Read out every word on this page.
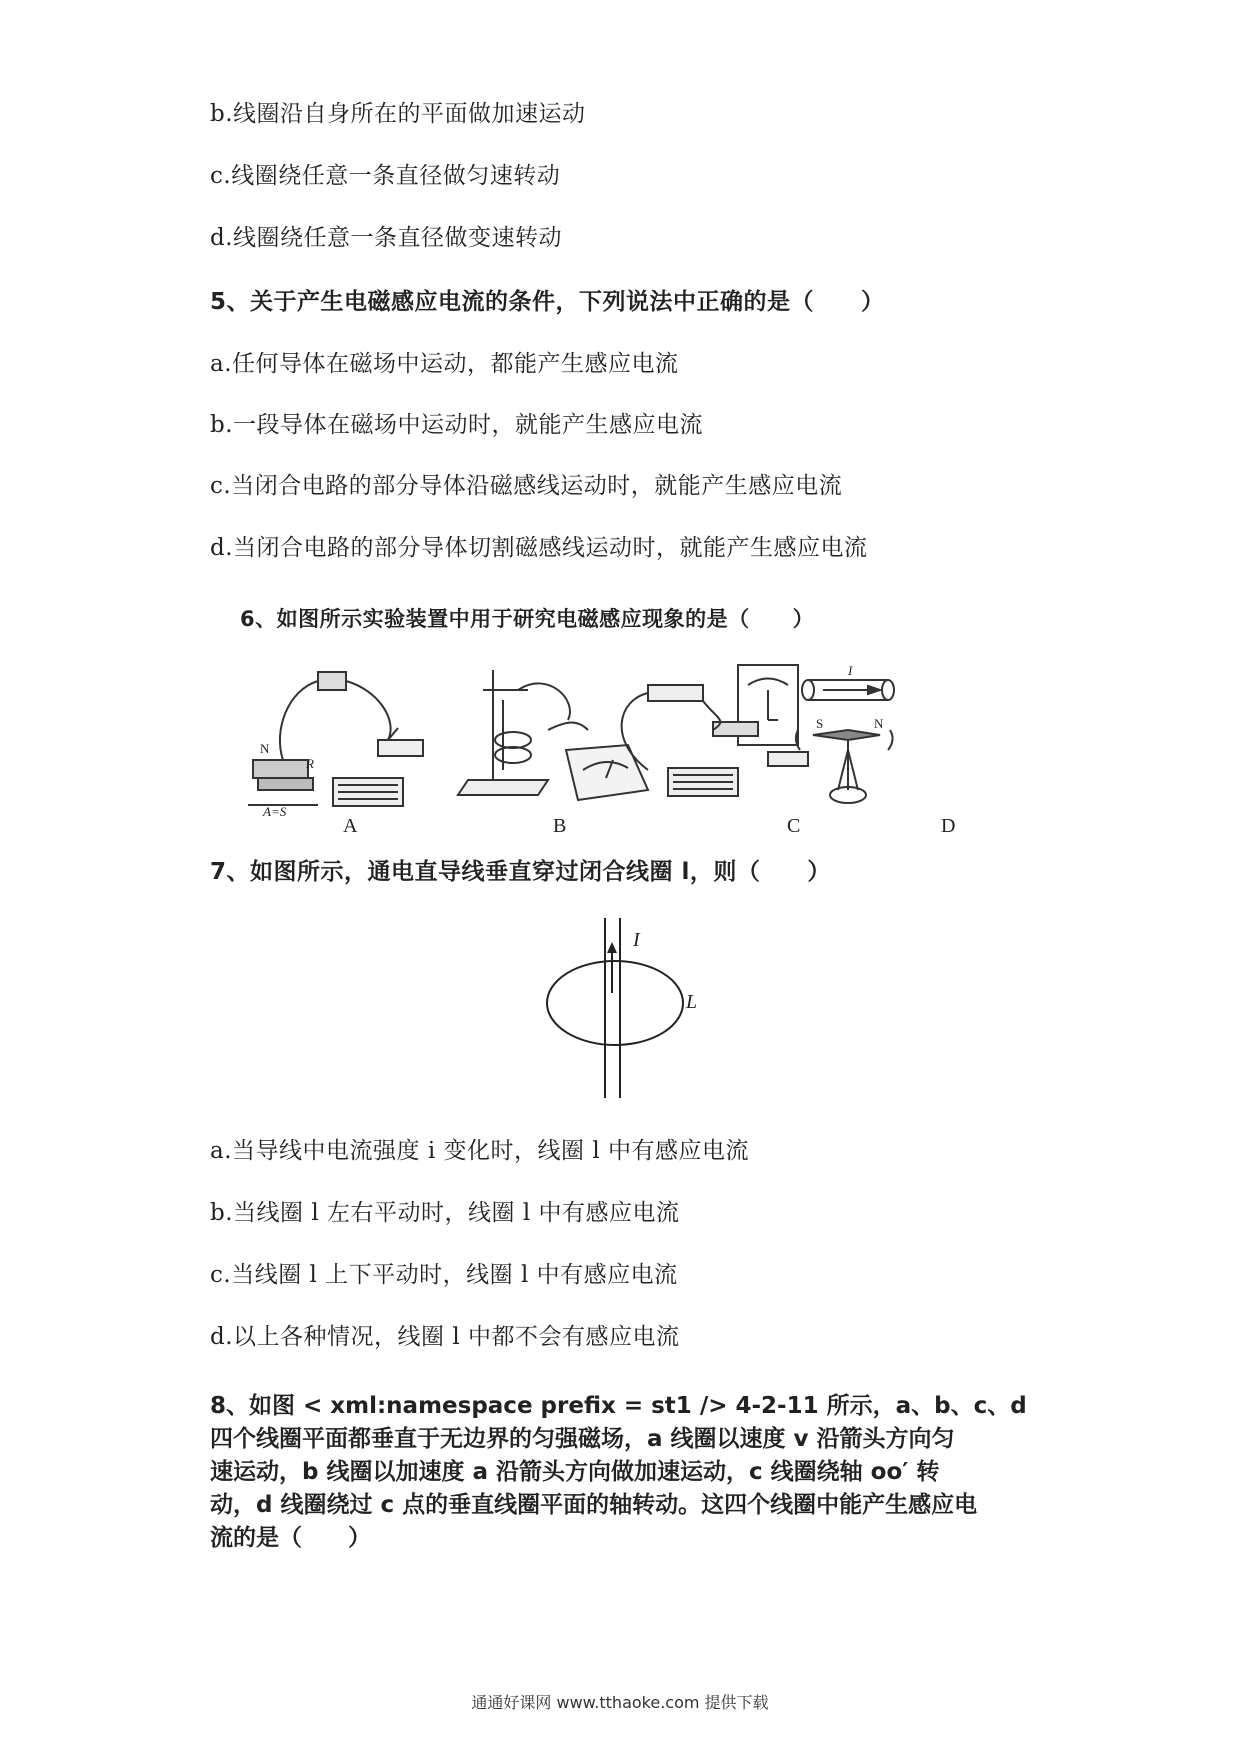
b.线圈沿自身所在的平面做加速运动
c.线圈绕任意一条直径做匀速转动
d.线圈绕任意一条直径做变速转动
5、关于产生电磁感应电流的条件，下列说法中正确的是（　　）
a.任何导体在磁场中运动，都能产生感应电流
b.一段导体在磁场中运动时，就能产生感应电流
c.当闭合电路的部分导体沿磁感线运动时，就能产生感应电流
d.当闭合电路的部分导体切割磁感线运动时，就能产生感应电流
6、如图所示实验装置中用于研究电磁感应现象的是（　　）
N
R
A=S
S	N
I
A	B	C	D
7、如图所示，通电直导线垂直穿过闭合线圈 l，则（　　）
I
L
a.当导线中电流强度 i 变化时，线圈 l 中有感应电流
b.当线圈 l 左右平动时，线圈 l 中有感应电流
c.当线圈 l 上下平动时，线圈 l 中有感应电流
d.以上各种情况，线圈 l 中都不会有感应电流
8、如图 < xml:namespace prefix = st1 /> 4-2-11 所示，a、b、c、d
四个线圈平面都垂直于无边界的匀强磁场，a 线圈以速度 v 沿箭头方向匀
速运动，b 线圈以加速度 a 沿箭头方向做加速运动，c 线圈绕轴 oo′ 转
动，d 线圈绕过 c 点的垂直线圈平面的轴转动。这四个线圈中能产生感应电
流的是（　　）
通通好课网 www.tthaoke.com 提供下载
